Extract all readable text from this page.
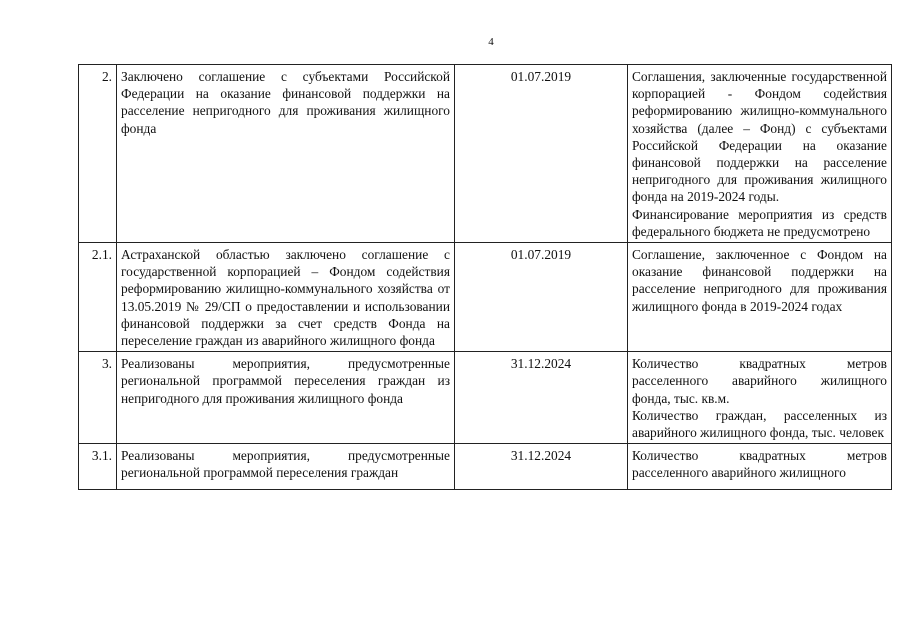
4
2.	Заключено соглашение с субъектами Российской Федерации на оказание финансовой поддержки на расселение непригодного для проживания жилищного фонда	01.07.2019	Соглашения, заключенные государственной корпорацией - Фондом содействия реформированию жилищно-коммунального хозяйства (далее – Фонд) с субъектами Российской Федерации на оказание финансовой поддержки на расселение непригодного для проживания жилищного фонда на 2019-2024 годы.
Финансирование мероприятия из средств федерального бюджета не предусмотрено

2.1.	Астраханской областью заключено соглашение с государственной корпорацией – Фондом содействия реформированию жилищно-коммунального хозяйства от 13.05.2019 № 29/СП о предоставлении и использовании финансовой поддержки за счет средств Фонда на переселение граждан из аварийного жилищного фонда	01.07.2019	Соглашение, заключенное с Фондом на оказание финансовой поддержки на расселение непригодного для проживания жилищного фонда в 2019-2024 годах

3.	Реализованы мероприятия, предусмотренные региональной программой переселения граждан из непригодного для проживания жилищного фонда	31.12.2024	Количество квадратных метров расселенного аварийного жилищного фонда, тыс. кв.м.
Количество граждан, расселенных из аварийного жилищного фонда, тыс. человек

3.1.	Реализованы мероприятия, предусмотренные региональной программой переселения граждан	31.12.2024	Количество квадратных метров расселенного аварийного жилищного
